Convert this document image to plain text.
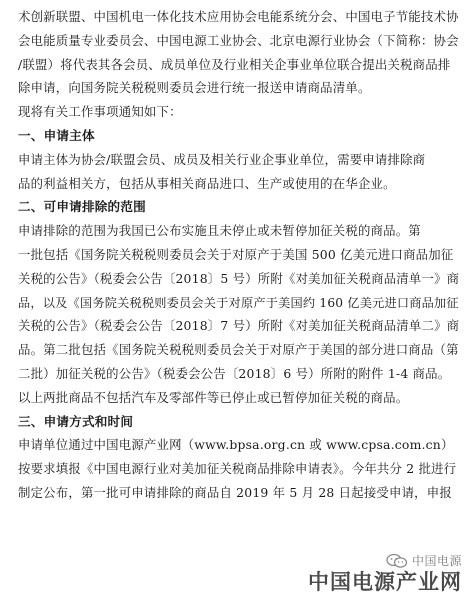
术创新联盟、中国机电一体化技术应用协会电能系统分会、中国电子节能技术协
会电能质量专业委员会、中国电源工业协会、北京电源行业协会（下简称：协会
/联盟）将代表其各会员、成员单位及行业相关企事业单位联合提出关税商品排
除申请，向国务院关税税则委员会进行统一报送申请商品清单。
现将有关工作事项通知如下：
一、申请主体
申请主体为协会/联盟会员、成员及相关行业企事业单位，需要申请排除商
品的利益相关方，包括从事相关商品进口、生产或使用的在华企业。
二、可申请排除的范围
申请排除的范围为我国已公布实施且未停止或未暂停加征关税的商品。第
一批包括《国务院关税税则委员会关于对原产于美国 500 亿美元进口商品加征
关税的公告》（税委会公告〔2018〕5 号）所附《对美加征关税商品清单一》商
品，以及《国务院关税税则委员会关于对原产于美国约 160 亿美元进口商品加征
关税的公告》（税委会公告〔2018〕7 号）所附《对美加征关税商品清单二》商
品。第二批包括《国务院关税税则委员会关于对原产于美国的部分进口商品（第
二批）加征关税的公告》（税委会公告〔2018〕6 号）所附的附件 1-4 商品。
以上两批商品不包括汽车及零部件等已停止或已暂停加征关税的商品。
三、申请方式和时间
申请单位通过中国电源产业网（www.bpsa.org.cn 或 www.cpsa.com.cn）
按要求填报《中国电源行业对美加征关税商品排除申请表》。今年共分 2 批进行
制定公布，第一批可申请排除的商品自 2019 年 5 月 28 日起接受申请，申报
中国电源
中国电源产业网
